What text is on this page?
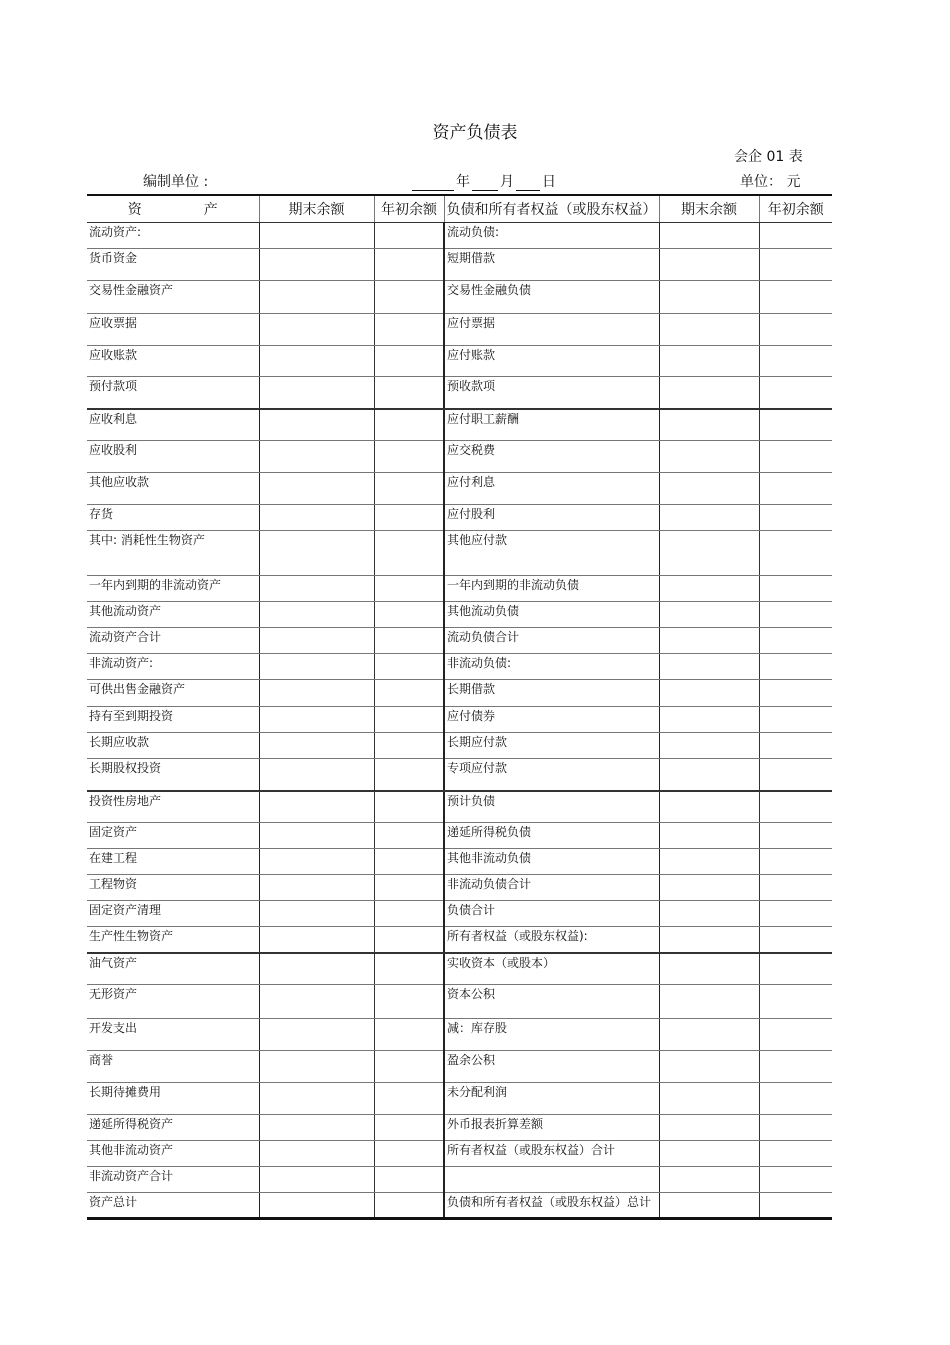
资产负债表
会企 01 表
编制单位 :	年 月 日	单位： 元
资 产	期末余额	年初余额	负债和所有者权益（或股东权益）	期末余额	年初余额
流动资产:			流动负债:		
货币资金			短期借款		
交易性金融资产			交易性金融负债		
应收票据			应付票据		
应收账款			应付账款		
预付款项			预收款项		
应收利息			应付职工薪酬		
应收股利			应交税费		
其他应收款			应付利息		
存货			应付股利		
其中: 消耗性生物资产			其他应付款		
一年内到期的非流动资产			一年内到期的非流动负债		
其他流动资产			其他流动负债		
流动资产合计			流动负债合计		
非流动资产:			非流动负债:		
可供出售金融资产			长期借款		
持有至到期投资			应付债券		
长期应收款			长期应付款		
长期股权投资			专项应付款		
投资性房地产			预计负债		
固定资产			递延所得税负债		
在建工程			其他非流动负债		
工程物资			非流动负债合计		
固定资产清理			负债合计		
生产性生物资产			所有者权益（或股东权益):		
油气资产			实收资本（或股本）		
无形资产			资本公积		
开发支出			减：库存股		
商誉			盈余公积		
长期待摊费用			未分配利润		
递延所得税资产			外币报表折算差额		
其他非流动资产			所有者权益（或股东权益）合计		
非流动资产合计					
资产总计			负债和所有者权益（或股东权益）总计		
